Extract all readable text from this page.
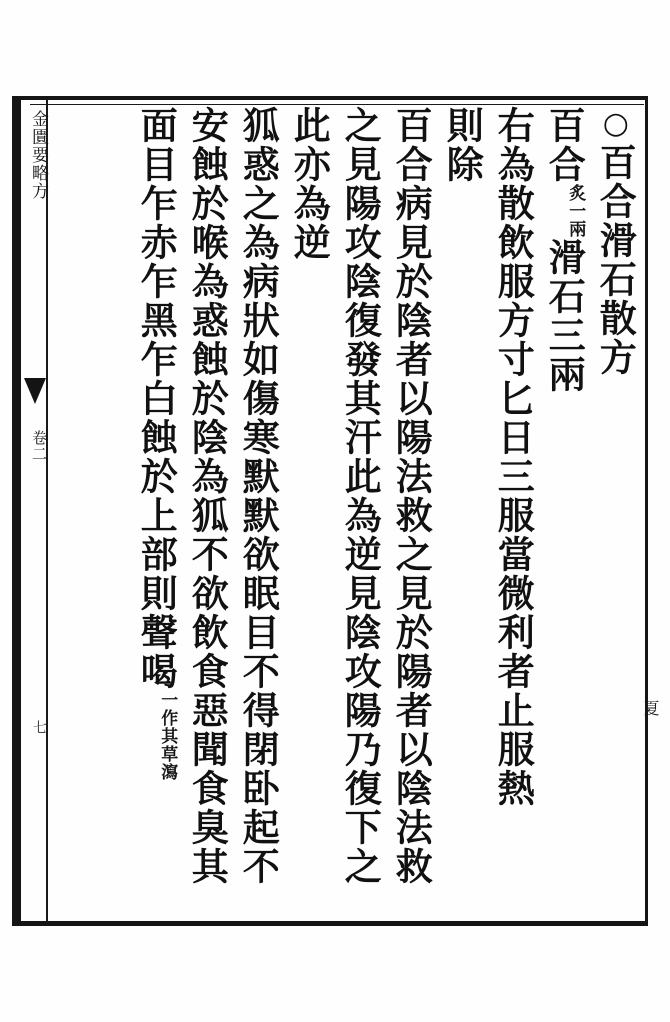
金匱要略方
卷二
七
○百合滑石散方
百合炙一兩滑石三兩
右為散飲服方寸匕日三服當微利者止服熱
則除
百合病見於陰者以陽法救之見於陽者以陰法救
之見陽攻陰復發其汗此為逆見陰攻陽乃復下之
此亦為逆
狐惑之為病狀如傷寒默默欲眠目不得閉卧起不
安蝕於喉為惑蝕於陰為狐不欲飲食惡聞食臭其
面目乍赤乍黑乍白蝕於上部則聲喝一作其草瀉	夏
